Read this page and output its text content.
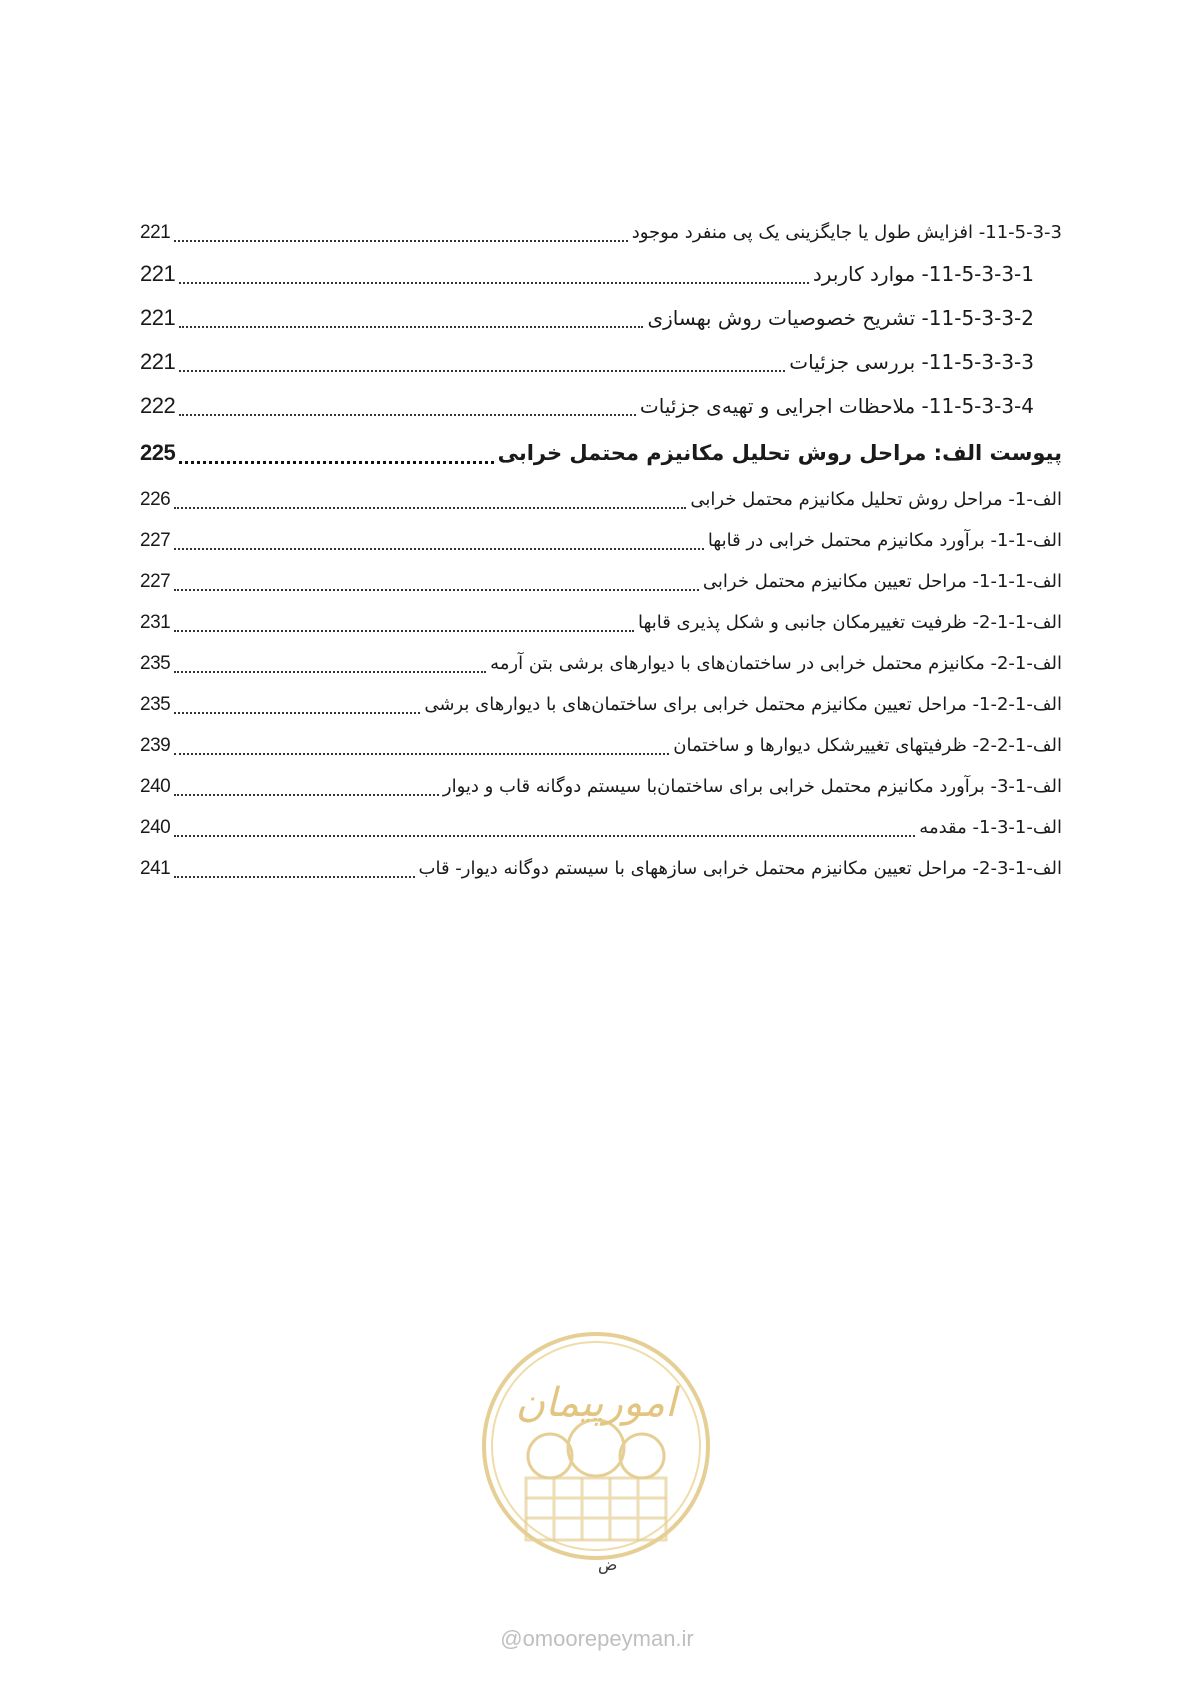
11-5-3-3- افزایش طول یا جایگزینی یک پی منفرد موجود
221
11-5-3-3-1- موارد کاربرد
221
11-5-3-3-2- تشریح خصوصیات روش بهسازی
221
11-5-3-3-3- بررسی جزئیات
221
11-5-3-3-4- ملاحظات اجرایی و تهیه‌ی جزئیات
222
پیوست الف: مراحل روش تحلیل مکانیزم محتمل خرابی
225
الف-1- مراحل روش تحلیل مکانیزم محتمل خرابی
226
الف-1-1- برآورد مکانیزم محتمل خرابی در قابها
227
الف-1-1-1- مراحل تعیین مکانیزم محتمل خرابی
227
الف-1-1-2- ظرفیت تغییرمکان جانبی و شکل پذیری قابها
231
الف-1-2- مکانیزم محتمل خرابی در ساختمان‌های با دیوارهای برشی بتن آرمه
235
الف-1-2-1- مراحل تعیین مکانیزم محتمل خرابی برای ساختمان‌های با دیوارهای برشی
235
الف-1-2-2- ظرفیتهای تغییرشکل دیوارها و ساختمان
239
الف-1-3- برآورد مکانیزم محتمل خرابی برای ساختمان‌با سیستم دوگانه قاب و دیوار
240
الف-1-3-1- مقدمه
240
الف-1-3-2- مراحل تعیین مکانیزم محتمل خرابی سازههای با سیستم دوگانه دیوار- قاب
241
امورپیمان
ض
@omoorepeyman.ir
